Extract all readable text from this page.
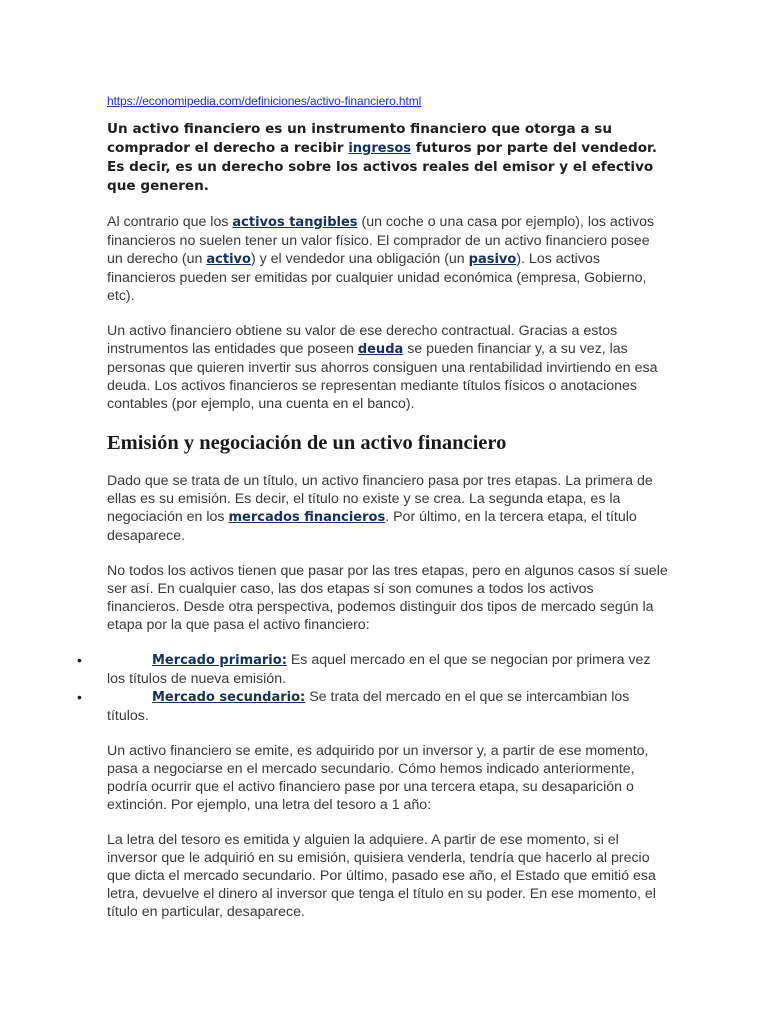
https://economipedia.com/definiciones/activo-financiero.html

Un activo financiero es un instrumento financiero que otorga a su comprador el derecho a recibir ingresos futuros por parte del vendedor. Es decir, es un derecho sobre los activos reales del emisor y el efectivo que generen.

Al contrario que los activos tangibles (un coche o una casa por ejemplo), los activos financieros no suelen tener un valor físico. El comprador de un activo financiero posee un derecho (un activo) y el vendedor una obligación (un pasivo). Los activos financieros pueden ser emitidas por cualquier unidad económica (empresa, Gobierno, etc).

Un activo financiero obtiene su valor de ese derecho contractual. Gracias a estos instrumentos las entidades que poseen deuda se pueden financiar y, a su vez, las personas que quieren invertir sus ahorros consiguen una rentabilidad invirtiendo en esa deuda. Los activos financieros se representan mediante títulos físicos o anotaciones contables (por ejemplo, una cuenta en el banco).

Emisión y negociación de un activo financiero

Dado que se trata de un título, un activo financiero pasa por tres etapas. La primera de ellas es su emisión. Es decir, el título no existe y se crea. La segunda etapa, es la negociación en los mercados financieros. Por último, en la tercera etapa, el título desaparece.

No todos los activos tienen que pasar por las tres etapas, pero en algunos casos sí suele ser así. En cualquier caso, las dos etapas sí son comunes a todos los activos financieros. Desde otra perspectiva, podemos distinguir dos tipos de mercado según la etapa por la que pasa el activo financiero:

•	Mercado primario: Es aquel mercado en el que se negocian por primera vez los títulos de nueva emisión.
•	Mercado secundario: Se trata del mercado en el que se intercambian los títulos.

Un activo financiero se emite, es adquirido por un inversor y, a partir de ese momento, pasa a negociarse en el mercado secundario. Cómo hemos indicado anteriormente, podría ocurrir que el activo financiero pase por una tercera etapa, su desaparición o extinción. Por ejemplo, una letra del tesoro a 1 año:

La letra del tesoro es emitida y alguien la adquiere. A partir de ese momento, si el inversor que le adquirió en su emisión, quisiera venderla, tendría que hacerlo al precio que dicta el mercado secundario. Por último, pasado ese año, el Estado que emitió esa letra, devuelve el dinero al inversor que tenga el título en su poder. En ese momento, el título en particular, desaparece.
